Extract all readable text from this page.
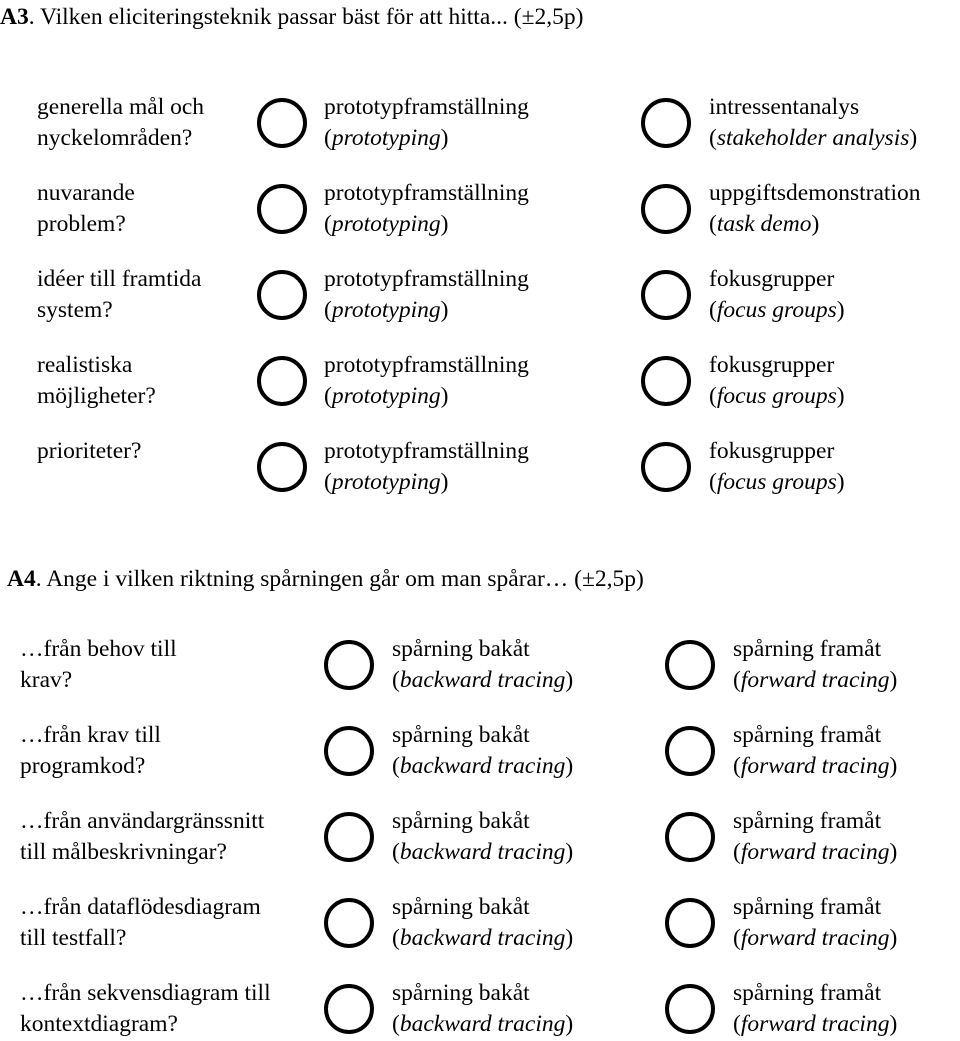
A3. Vilken eliciteringsteknik passar bäst för att hitta... (±2,5p)
generella mål och
nyckelområden?
prototypframställning
(prototyping)
intressentanalys
(stakeholder analysis)
nuvarande
problem?
prototypframställning
(prototyping)
uppgiftsdemonstration
(task demo)
idéer till framtida
system?
prototypframställning
(prototyping)
fokusgrupper
(focus groups)
realistiska
möjligheter?
prototypframställning
(prototyping)
fokusgrupper
(focus groups)
prioriteter?	prototypframställning
(prototyping)
fokusgrupper
(focus groups)
A4. Ange i vilken riktning spårningen går om man spårar… (±2,5p)
…från behov till
krav?
spårning bakåt
(backward tracing)
spårning framåt
(forward tracing)
…från krav till
programkod?
spårning bakåt
(backward tracing)
spårning framåt
(forward tracing)
…från användargränssnitt
till målbeskrivningar?
spårning bakåt
(backward tracing)
spårning framåt
(forward tracing)
…från dataflödesdiagram
till testfall?
spårning bakåt
(backward tracing)
spårning framåt
(forward tracing)
…från sekvensdiagram till
kontextdiagram?
spårning bakåt
(backward tracing)
spårning framåt
(forward tracing)
